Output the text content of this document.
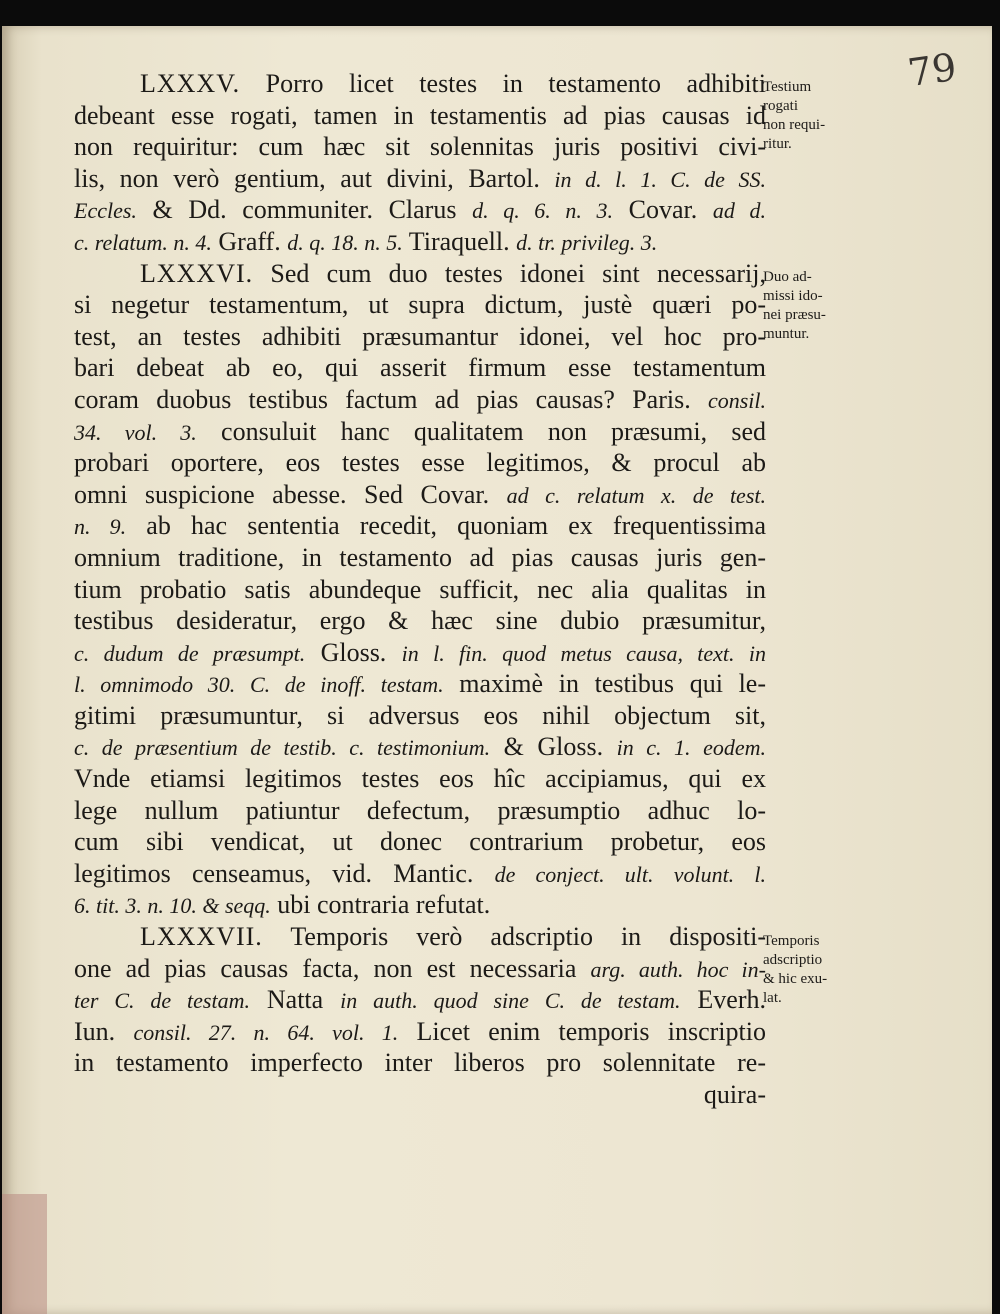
79
LXXXV. Porro licet testes in testamento adhibiti
debeant esse rogati, tamen in testamentis ad pias causas id
non requiritur: cum hæc sit solennitas juris positivi civi-
lis, non verò gentium, aut divini, Bartol. in d. l. 1. C. de SS.
Eccles. & Dd. communiter. Clarus d. q. 6. n. 3. Covar. ad d.
c. relatum. n. 4. Graff. d. q. 18. n. 5. Tiraquell. d. tr. privileg. 3.
LXXXVI. Sed cum duo testes idonei sint necessarij,
si negetur testamentum, ut supra dictum, justè quæri po-
test, an testes adhibiti præsumantur idonei, vel hoc pro-
bari debeat ab eo, qui asserit firmum esse testamentum
coram duobus testibus factum ad pias causas? Paris. consil.
34. vol. 3. consuluit hanc qualitatem non præsumi, sed
probari oportere, eos testes esse legitimos, & procul ab
omni suspicione abesse. Sed Covar. ad c. relatum x. de test.
n. 9. ab hac sententia recedit, quoniam ex frequentissima
omnium traditione, in testamento ad pias causas juris gen-
tium probatio satis abundeque sufficit, nec alia qualitas in
testibus desideratur, ergo & hæc sine dubio præsumitur,
c. dudum de præsumpt. Gloss. in l. fin. quod metus causa, text. in
l. omnimodo 30. C. de inoff. testam. maximè in testibus qui le-
gitimi præsumuntur, si adversus eos nihil objectum sit,
c. de præsentium de testib. c. testimonium. & Gloss. in c. 1. eodem.
Vnde etiamsi legitimos testes eos hîc accipiamus, qui ex
lege nullum patiuntur defectum, præsumptio adhuc lo-
cum sibi vendicat, ut donec contrarium probetur, eos
legitimos censeamus, vid. Mantic. de conject. ult. volunt. l.
6. tit. 3. n. 10. & seqq. ubi contraria refutat.
LXXXVII. Temporis verò adscriptio in dispositi-
one ad pias causas facta, non est necessaria arg. auth. hoc in-
ter C. de testam. Natta in auth. quod sine C. de testam. Everh.
Iun. consil. 27. n. 64. vol. 1. Licet enim temporis inscriptio
in testamento imperfecto inter liberos pro solennitate re-
quira-
Testium
rogati
non requi-
ritur.
Duo ad-
missi ido-
nei præsu-
muntur.
Temporis
adscriptio
& hic exu-
lat.
